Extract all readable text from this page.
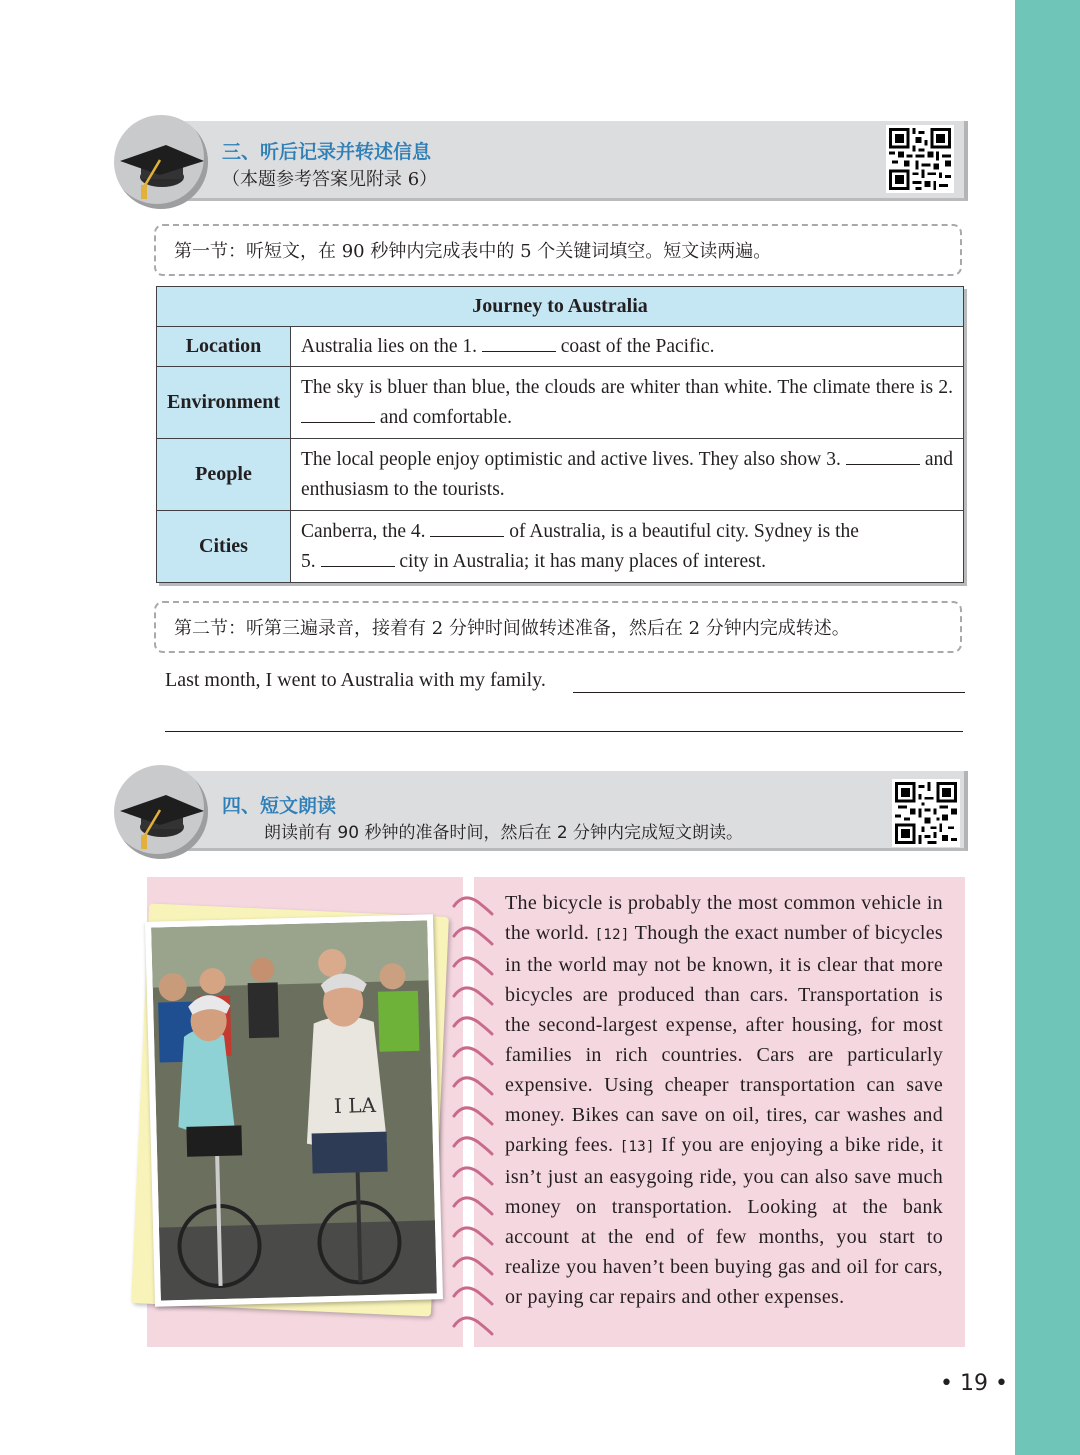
三、听后记录并转述信息
（本题参考答案见附录 6）
第一节：听短文，在 90 秒钟内完成表中的 5 个关键词填空。短文读两遍。
Journey to Australia	
Location	Australia lies on the 1. coast of the Pacific.
Environment	The sky is bluer than blue, the clouds are whiter than white. The climate there is 2.  and comfortable.
People	The local people enjoy optimistic and active lives. They also show 3. and enthusiasm to the tourists.
Cities	Canberra, the 4. of Australia, is a beautiful city. Sydney is the
5. city in Australia; it has many places of interest.
第二节：听第三遍录音，接着有 2 分钟时间做转述准备，然后在 2 分钟内完成转述。
Last month, I went to Australia with my family.
四、短文朗读
朗读前有 90 秒钟的准备时间，然后在 2 分钟内完成短文朗读。
I LA
The bicycle is probably the most common vehicle in the world. [12] Though the exact number of bicycles in the world may not be known, it is clear that more bicycles are produced than cars. Transportation is the second-largest expense, after housing, for most families in rich countries. Cars are particularly expensive. Using cheaper transportation can save money. Bikes can save on oil, tires, car washes and parking fees. [13] If you are enjoying a bike ride, it isn’t just an easygoing ride, you can also save much money on transportation. Looking at the bank account at the end of few months, you start to realize you haven’t been buying gas and oil for cars, or paying car repairs and other expenses.
• 19 •
